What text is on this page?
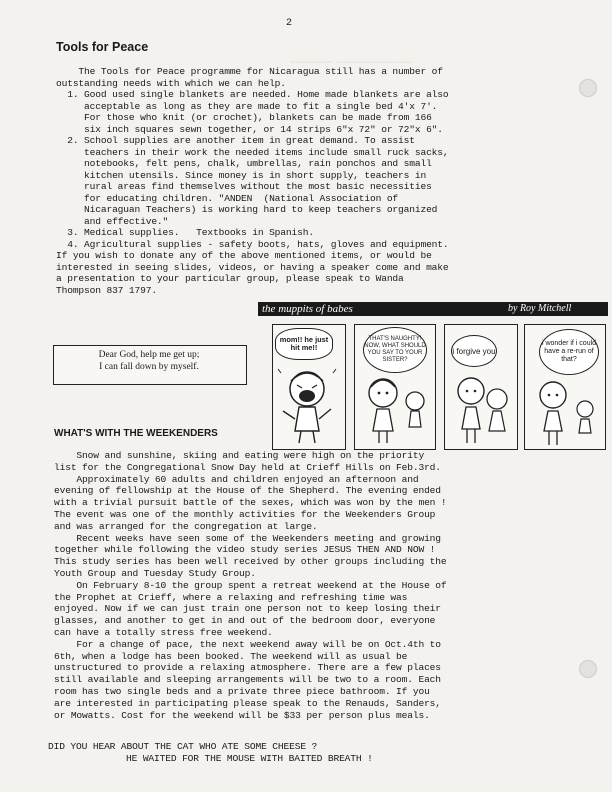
~~~~~~~~~ ~~~~~~~~~~~~~~~~
2
Tools for Peace
The Tools for Peace programme for Nicaragua still has a number of
outstanding needs with which we can help.
1. Good used single blankets are needed. Home made blankets are also
acceptable as long as they are made to fit a single bed 4'x 7'.
For those who knit (or crochet), blankets can be made from 166
six inch squares sewn together, or 14 strips 6"x 72" or 72"x 6".
2. School supplies are another item in great demand. To assist
teachers in their work the needed items include small ruck sacks,
notebooks, felt pens, chalk, umbrellas, rain ponchos and small
kitchen utensils. Since money is in short supply, teachers in
rural areas find themselves without the most basic necessities
for educating children. "ANDEN  (National Association of
Nicaraguan Teachers) is working hard to keep teachers organized
and effective."
3. Medical supplies.   Textbooks in Spanish.
4. Agricultural supplies - safety boots, hats, gloves and equipment.
If you wish to donate any of the above mentioned items, or would be
interested in seeing slides, videos, or having a speaker come and make
a presentation to your particular group, please speak to Wanda
Thompson 837 1797.
the muppits of babes	by Roy Mitchell
mom!! he just hit me!!
THAT'S NAUGHTY! NOW, WHAT SHOULD YOU SAY TO YOUR SISTER?
i forgive you
i wonder if i could have a re-run of that?
Dear God, help me get up;
I can fall down by myself.
WHAT'S WITH THE WEEKENDERS
Snow and sunshine, skiing and eating were high on the priority
list for the Congregational Snow Day held at Crieff Hills on Feb.3rd.
Approximately 60 adults and children enjoyed an afternoon and
evening of fellowship at the House of the Shepherd. The evening ended
with a trivial pursuit battle of the sexes, which was won by the men !
The event was one of the monthly activities for the Weekenders Group
and was arranged for the congregation at large.
Recent weeks have seen some of the Weekenders meeting and growing
together while following the video study series JESUS THEN AND NOW !
This study series has been well received by other groups including the
Youth Group and Tuesday Study Group.
On February 8-10 the group spent a retreat weekend at the House of
the Prophet at Crieff, where a relaxing and refreshing time was
enjoyed. Now if we can just train one person not to keep losing their
glasses, and another to get in and out of the bedroom door, everyone
can have a totally stress free weekend.
For a change of pace, the next weekend away will be on Oct.4th to
6th, when a lodge has been booked. The weekend will as usual be
unstructured to provide a relaxing atmosphere. There are a few places
still available and sleeping arrangements will be two to a room. Each
room has two single beds and a private three piece bathroom. If you
are interested in participating please speak to the Renauds, Sanders,
or Mowatts. Cost for the weekend will be $33 per person plus meals.
DID YOU HEAR ABOUT THE CAT WHO ATE SOME CHEESE ?
HE WAITED FOR THE MOUSE WITH BAITED BREATH !
